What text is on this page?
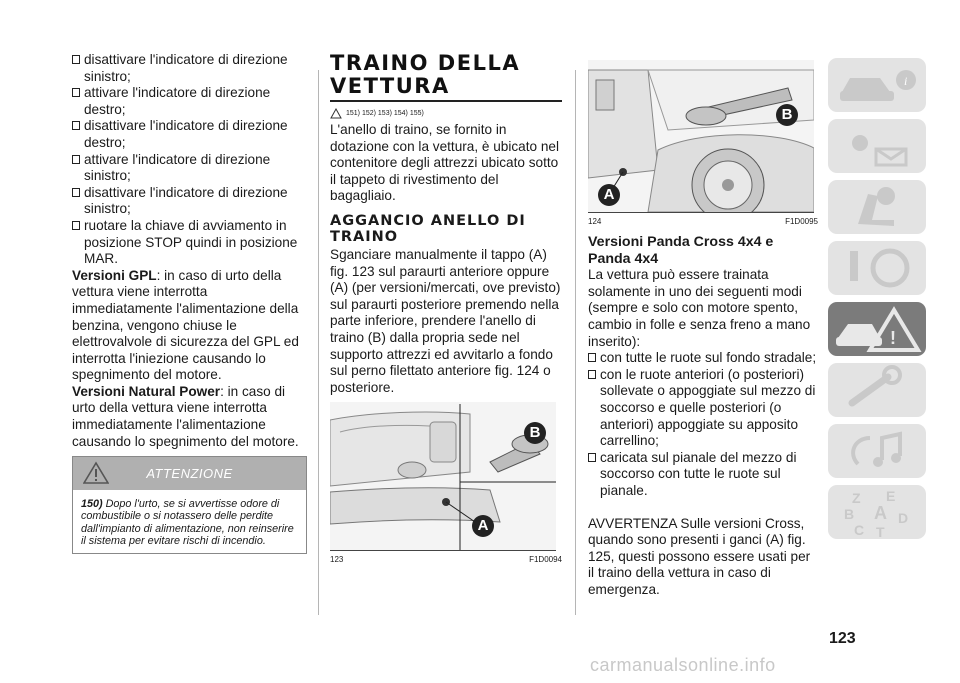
disattivare l'indicatore di direzione sinistro;
attivare l'indicatore di direzione destro;
disattivare l'indicatore di direzione destro;
attivare l'indicatore di direzione sinistro;
disattivare l'indicatore di direzione sinistro;
ruotare la chiave di avviamento in posizione STOP quindi in posizione MAR.

Versioni GPL: in caso di urto della vettura viene interrotta immediatamente l'alimentazione della benzina, vengono chiuse le elettrovalvole di sicurezza del GPL ed interrotta l'iniezione causando lo spegnimento del motore.

Versioni Natural Power: in caso di urto della vettura viene interrotta immediatamente l'alimentazione causando lo spegnimento del motore.

ATTENZIONE
150) Dopo l'urto, se si avvertisse odore di combustibile o si notassero delle perdite dall'impianto di alimentazione, non reinserire il sistema per evitare rischi di incendio.
TRAINO DELLA VETTURA
151) 152) 153) 154) 155)

L'anello di traino, se fornito in dotazione con la vettura, è ubicato nel contenitore degli attrezzi ubicato sotto il tappeto di rivestimento del bagagliaio.

AGGANCIO ANELLO DI TRAINO

Sganciare manualmente il tappo (A) fig. 123 sul paraurti anteriore oppure (A) (per versioni/mercati, ove previsto) sul paraurti posteriore premendo nella parte inferiore, prendere l'anello di traino (B) dalla propria sede nel supporto attrezzi ed avvitarlo a fondo sul perno filettato anteriore fig. 124 o posteriore.

B
A
123	F1D0094
B
A
124	F1D0095
Versioni Panda Cross 4x4 e Panda 4x4

La vettura può essere trainata solamente in uno dei seguenti modi (sempre e solo con motore spento, cambio in folle e senza freno a mano inserito):

con tutte le ruote sul fondo stradale;
con le ruote anteriori (o posteriori) sollevate o appoggiate sul mezzo di soccorso e quelle posteriori (o anteriori) appoggiate su apposito carrellino;
caricata sul pianale del mezzo di soccorso con tutte le ruote sul pianale.

AVVERTENZA Sulle versioni Cross, quando sono presenti i ganci (A) fig. 125, questi possono essere usati per il traino della vettura in caso di emergenza.

i
!
Z E
B A D
C T
123
carmanualsonline.info
